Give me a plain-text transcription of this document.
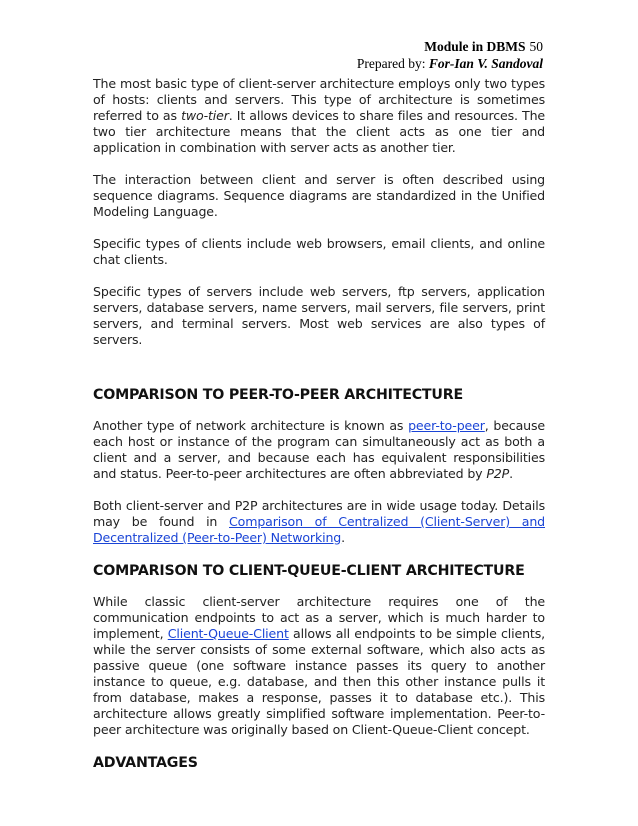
Module in DBMS 50
Prepared by: For-Ian V. Sandoval

The most basic type of client-server architecture employs only two types of hosts: clients and servers. This type of architecture is sometimes referred to as two-tier. It allows devices to share files and resources. The two tier architecture means that the client acts as one tier and application in combination with server acts as another tier.

The interaction between client and server is often described using sequence diagrams. Sequence diagrams are standardized in the Unified Modeling Language.

Specific types of clients include web browsers, email clients, and online chat clients.

Specific types of servers include web servers, ftp servers, application servers, database servers, name servers, mail servers, file servers, print servers, and terminal servers. Most web services are also types of servers.

COMPARISON TO PEER-TO-PEER ARCHITECTURE

Another type of network architecture is known as peer-to-peer, because each host or instance of the program can simultaneously act as both a client and a server, and because each has equivalent responsibilities and status. Peer-to-peer architectures are often abbreviated by P2P.

Both client-server and P2P architectures are in wide usage today. Details may be found in Comparison of Centralized (Client-Server) and Decentralized (Peer-to-Peer) Networking.

COMPARISON TO CLIENT-QUEUE-CLIENT ARCHITECTURE

While classic client-server architecture requires one of the communication endpoints to act as a server, which is much harder to implement, Client-Queue-Client allows all endpoints to be simple clients, while the server consists of some external software, which also acts as passive queue (one software instance passes its query to another instance to queue, e.g. database, and then this other instance pulls it from database, makes a response, passes it to database etc.). This architecture allows greatly simplified software implementation. Peer-to-peer architecture was originally based on Client-Queue-Client concept.

ADVANTAGES
